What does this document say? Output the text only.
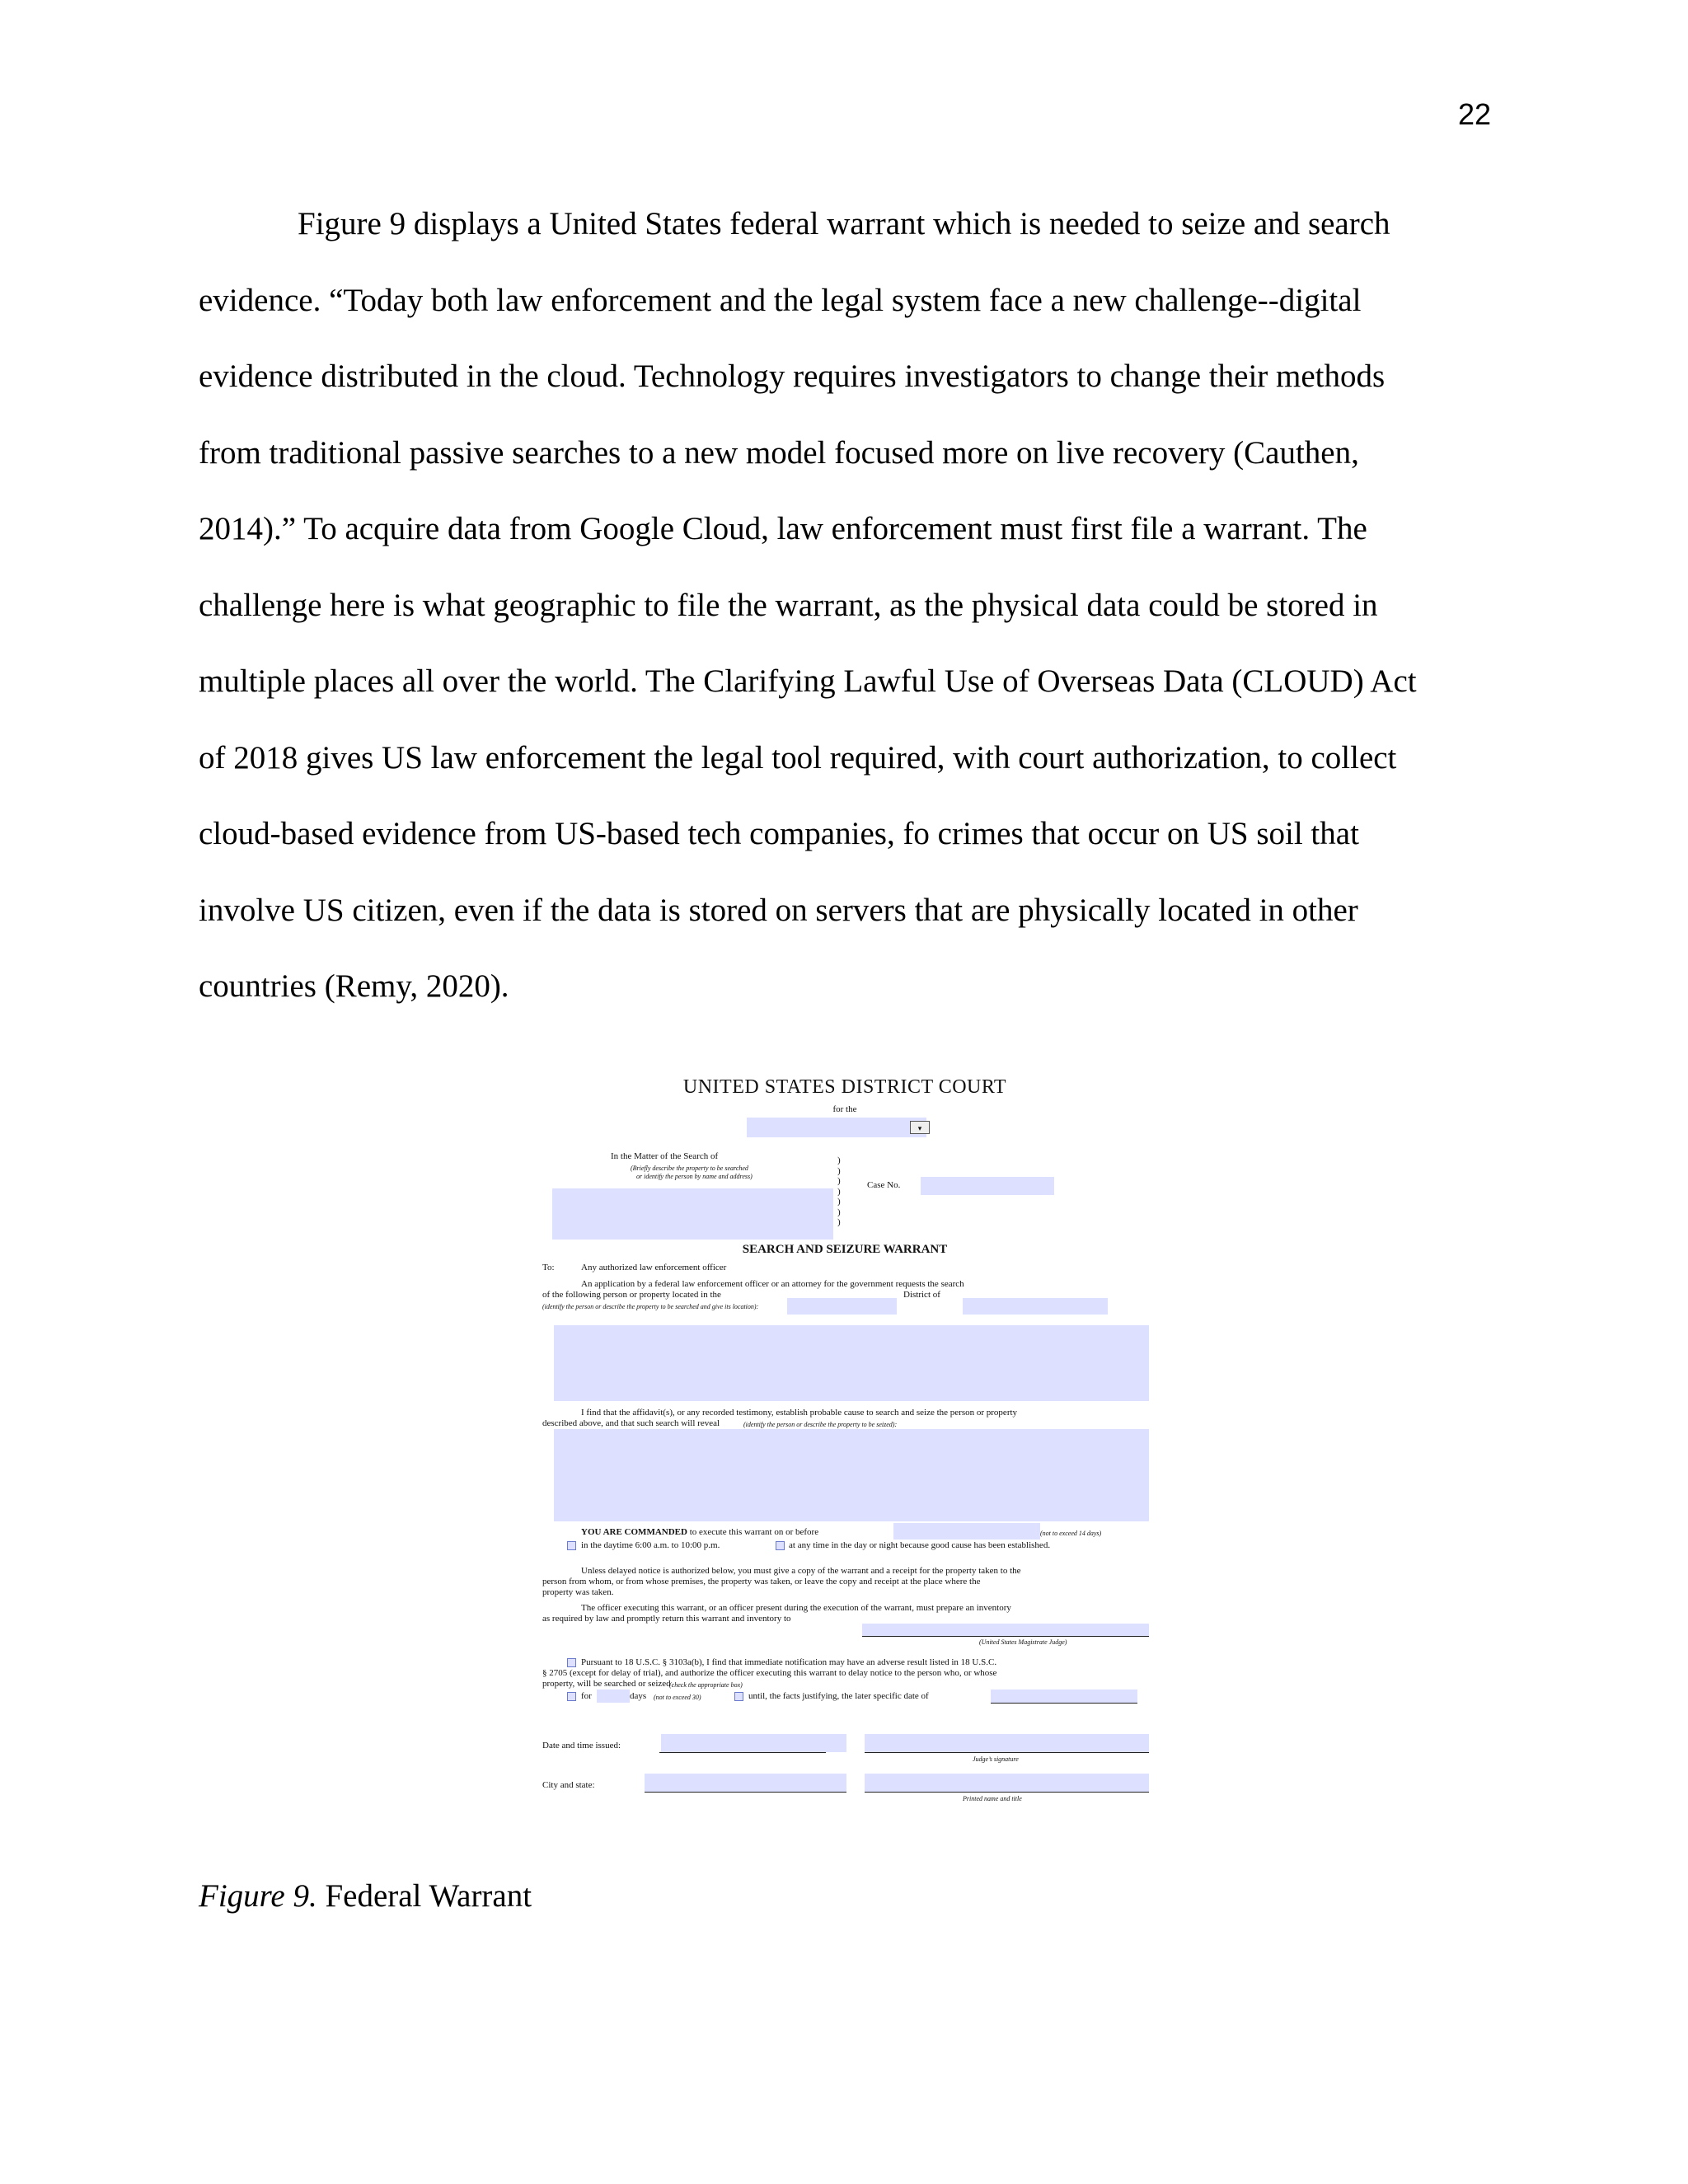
22
Figure 9 displays a United States federal warrant which is needed to seize and search
evidence. “Today both law enforcement and the legal system face a new challenge--digital
evidence distributed in the cloud. Technology requires investigators to change their methods
from traditional passive searches to a new model focused more on live recovery (Cauthen,
2014).” To acquire data from Google Cloud, law enforcement must first file a warrant. The
challenge here is what geographic to file the warrant, as the physical data could be stored in
multiple places all over the world. The Clarifying Lawful Use of Overseas Data (CLOUD) Act
of 2018 gives US law enforcement the legal tool required, with court authorization, to collect
cloud-based evidence from US-based tech companies, fo crimes that occur on US soil that
involve US citizen, even if the data is stored on servers that are physically located in other
countries (Remy, 2020).
UNITED STATES DISTRICT COURT
for the
▾
In the Matter of the Search of
(Briefly describe the property to be searched
or identify the person by name and address)
)
)
)
)
)
)
)
Case No.
SEARCH AND SEIZURE WARRANT
To:	Any authorized law enforcement officer
An application by a federal law enforcement officer or an attorney for the government requests the search
of the following person or property located in the	District of
(identify the person or describe the property to be searched and give its location):
I find that the affidavit(s), or any recorded testimony, establish probable cause to search and seize the person or property
described above, and that such search will reveal	(identify the person or describe the property to be seized):
YOU ARE COMMANDED to execute this warrant on or before	(not to exceed 14 days)
in the daytime 6:00 a.m. to 10:00 p.m.	at any time in the day or night because good cause has been established.
Unless delayed notice is authorized below, you must give a copy of the warrant and a receipt for the property taken to the
person from whom, or from whose premises, the property was taken, or leave the copy and receipt at the place where the
property was taken.
The officer executing this warrant, or an officer present during the execution of the warrant, must prepare an inventory
as required by law and promptly return this warrant and inventory to
(United States Magistrate Judge)
Pursuant to 18 U.S.C. § 3103a(b), I find that immediate notification may have an adverse result listed in 18 U.S.C.
§ 2705 (except for delay of trial), and authorize the officer executing this warrant to delay notice to the person who, or whose
property, will be searched or seized
(check the appropriate box)
for	days (not to exceed 30)	until, the facts justifying, the later specific date of
Date and time issued:
Judge’s signature
City and state:
Printed name and title
Figure 9. Federal Warrant
